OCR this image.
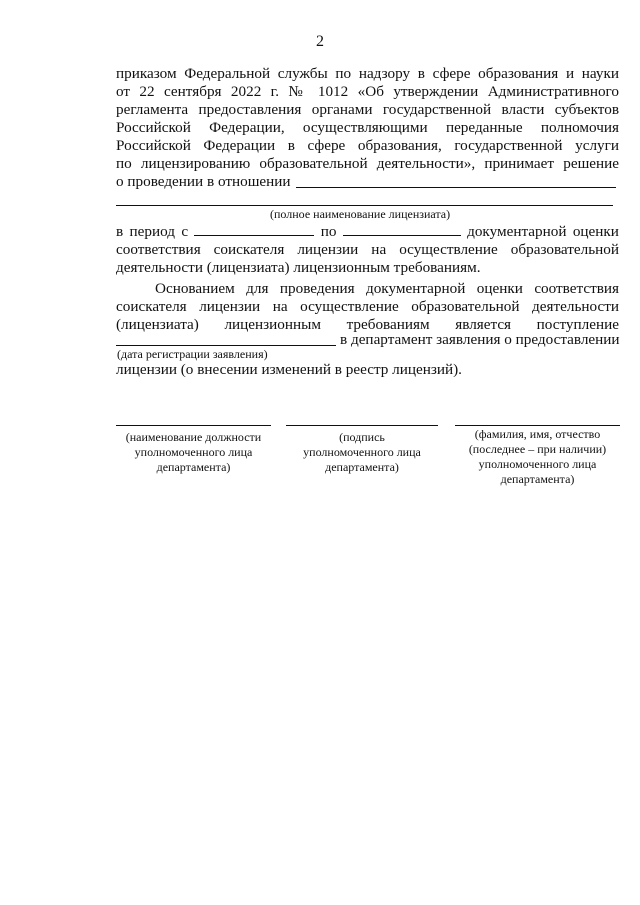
2
приказом Федеральной службы по надзору в сфере образования и науки
от 22 сентября 2022 г. № 1012 «Об утверждении Административного
регламента предоставления органами государственной власти субъектов
Российской Федерации, осуществляющими переданные полномочия
Российской Федерации в сфере образования, государственной услуги
по лицензированию образовательной деятельности», принимает решение
о проведении в отношении
(полное наименование лицензиата)
в период с	по	документарной оценки
соответствия соискателя лицензии на осуществление образовательной
деятельности (лицензиата) лицензионным требованиям.
Основанием для проведения документарной оценки соответствия
соискателя лицензии на осуществление образовательной деятельности
(лицензиата) лицензионным требованиям является поступление
в департамент заявления о предоставлении
(дата регистрации заявления)
лицензии (о внесении изменений в реестр лицензий).
(наименование должности
уполномоченного лица
департамента)
(подпись
уполномоченного лица
департамента)
(фамилия, имя, отчество
(последнее – при наличии)
уполномоченного лица
департамента)
